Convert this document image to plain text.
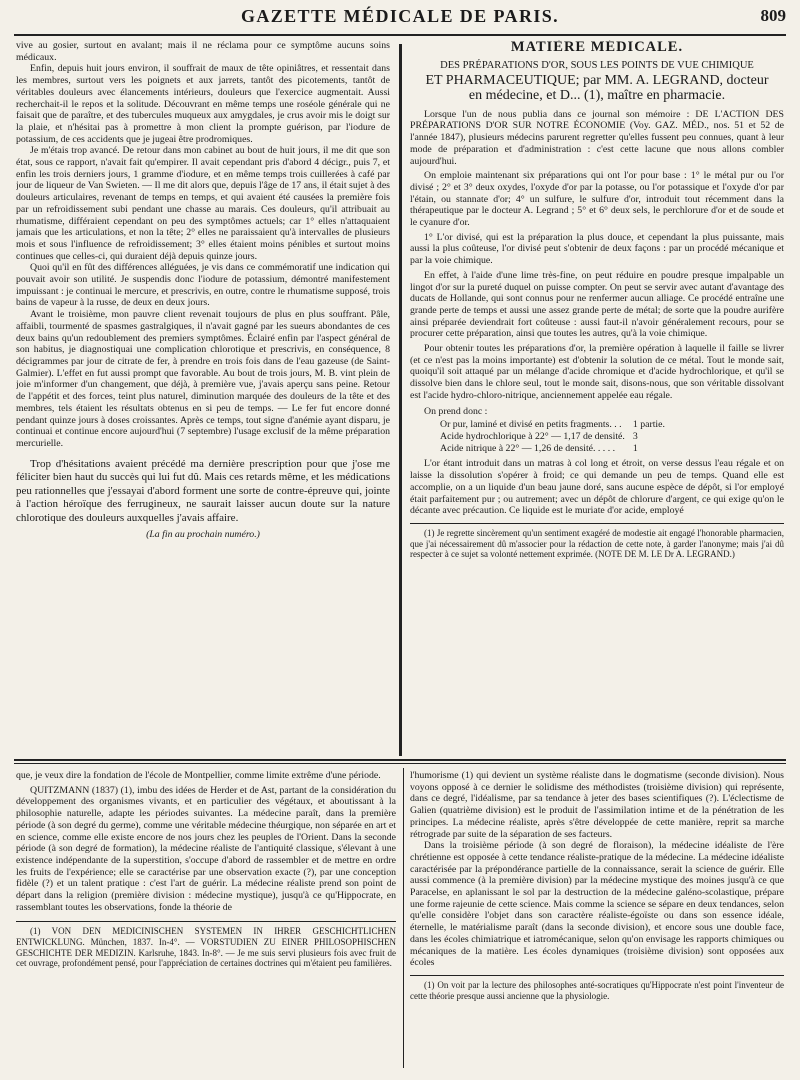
GAZETTE MÉDICALE DE PARIS.	809

vive au gosier, surtout en avalant; mais il ne réclama pour ce symptôme aucuns soins médicaux.

Enfin, depuis huit jours environ, il souffrait de maux de tête opiniâtres, et ressentait dans les membres, surtout vers les poignets et aux jarrets, tantôt des picotements, tantôt de véritables douleurs avec élancements intérieurs, douleurs que l'exercice augmentait. Aussi recherchait-il le repos et la solitude. Découvrant en même temps une roséole générale qui ne faisait que de paraître, et des tubercules muqueux aux amygdales, je crus avoir mis le doigt sur la plaie, et n'hésitai pas à promettre à mon client la prompte guérison, par l'iodure de potassium, de ces accidents que je jugeai être prodromiques.

Je m'étais trop avancé. De retour dans mon cabinet au bout de huit jours, il me dit que son état, sous ce rapport, n'avait fait qu'empirer. Il avait cependant pris d'abord 4 décigr., puis 7, et enfin les trois derniers jours, 1 gramme d'iodure, et en même temps trois cuillerées à café par jour de liqueur de Van Swieten. — Il me dit alors que, depuis l'âge de 17 ans, il était sujet à des douleurs articulaires, revenant de temps en temps, et qui avaient été causées la première fois par un refroidissement subi pendant une chasse au marais. Ces douleurs, qu'il attribuait au rhumatisme, différaient cependant on peu des symptômes actuels; car 1° elles n'attaquaient jamais que les articulations, et non la tête; 2° elles ne paraissaient qu'à intervalles de plusieurs mois et sous l'influence de refroidissement; 3° elles étaient moins pénibles et surtout moins continues que celles-ci, qui duraient déjà depuis quinze jours.

Quoi qu'il en fût des différences alléguées, je vis dans ce commémoratif une indication qui pouvait avoir son utilité. Je suspendis donc l'iodure de potassium, démontré manifestement impuissant : je continuai le mercure, et prescrivis, en outre, contre le rhumatisme supposé, trois bains de vapeur à la russe, de deux en deux jours.

Avant le troisième, mon pauvre client revenait toujours de plus en plus souffrant. Pâle, affaibli, tourmenté de spasmes gastralgiques, il n'avait gagné par les sueurs abondantes de ces deux bains qu'un redoublement des premiers symptômes. Éclairé enfin par l'aspect général de son habitus, je diagnostiquai une complication chlorotique et prescrivis, en conséquence, 8 décigrammes par jour de citrate de fer, à prendre en trois fois dans de l'eau gazeuse (de Saint-Galmier). L'effet en fut aussi prompt que favorable. Au bout de trois jours, M. B. vint plein de joie m'informer d'un changement, que déjà, à première vue, j'avais aperçu sans peine. Retour de l'appétit et des forces, teint plus naturel, diminution marquée des douleurs de la tête et des membres, tels étaient les résultats obtenus en si peu de temps. — Le fer fut encore donné pendant quinze jours à doses croissantes. Après ce temps, tout signe d'anémie ayant disparu, je continuai et continue encore aujourd'hui (7 septembre) l'usage exclusif de la même préparation mercurielle.

Trop d'hésitations avaient précédé ma dernière prescription pour que j'ose me féliciter bien haut du succès qui lui fut dû. Mais ces retards même, et les médications peu rationnelles que j'essayai d'abord forment une sorte de contre-épreuve qui, jointe à l'action héroïque des ferrugineux, ne saurait laisser aucun doute sur la nature chlorotique des douleurs auxquelles j'avais affaire.

(La fin au prochain numéro.)

MATIÈRE MÉDICALE.
DES PRÉPARATIONS D'OR, SOUS LES POINTS DE VUE CHIMIQUE
ET PHARMACEUTIQUE; par MM. A. LEGRAND, docteur
en médecine, et D... (1), maître en pharmacie.

Lorsque l'un de nous publia dans ce journal son mémoire : DE L'ACTION DES PRÉPARATIONS D'OR SUR NOTRE ÉCONOMIE (Voy. GAZ. MÉD., nos. 51 et 52 de l'année 1847), plusieurs médecins parurent regretter qu'elles fussent peu connues, quant à leur mode de préparation et d'administration : c'est cette lacune que nous allons combler aujourd'hui.

On emploie maintenant six préparations qui ont l'or pour base : 1° le métal pur ou l'or divisé ; 2° et 3° deux oxydes, l'oxyde d'or par la potasse, ou l'or potassique et l'oxyde d'or par l'étain, ou stannate d'or; 4° un sulfure, le sulfure d'or, introduit tout récemment dans la thérapeutique par le docteur A. Legrand ; 5° et 6° deux sels, le perchlorure d'or et de soude et le cyanure d'or.

1° L'or divisé, qui est la préparation la plus douce, et cependant la plus puissante, mais aussi la plus coûteuse, l'or divisé peut s'obtenir de deux façons : par un procédé mécanique et par la voie chimique.

En effet, à l'aide d'une lime très-fine, on peut réduire en poudre presque impalpable un lingot d'or sur la pureté duquel on puisse compter. On peut se servir avec autant d'avantage des ducats de Hollande, qui sont connus pour ne renfermer aucun alliage. Ce procédé entraîne une grande perte de temps et aussi une assez grande perte de métal; de sorte que la poudre aurifère ainsi préparée deviendrait fort coûteuse : aussi faut-il n'avoir généralement recours, pour se procurer cette préparation, ainsi que toutes les autres, qu'à la voie chimique.

Pour obtenir toutes les préparations d'or, la première opération à laquelle il faille se livrer (et ce n'est pas la moins importante) est d'obtenir la solution de ce métal. Tout le monde sait, quoiqu'il soit attaqué par un mélange d'acide chromique et d'acide hydrochlorique, et qu'il se dissolve bien dans le chlore seul, tout le monde sait, disons-nous, que son véritable dissolvant est l'acide hydro-chloro-nitrique, anciennement appelée eau régale.

On prend donc :

Or pur, laminé et divisé en petits fragments. . .	1 partie.
Acide hydrochlorique à 22° — 1,17 de densité.	3
Acide nitrique à 22° — 1,26 de densité. . . . .	1

L'or étant introduit dans un matras à col long et étroit, on verse dessus l'eau régale et on laisse la dissolution s'opérer à froid; ce qui demande un peu de temps. Quand elle est accomplie, on a un liquide d'un beau jaune doré, sans aucune espèce de dépôt, si l'or employé était parfaitement pur ; ou autrement; avec un dépôt de chlorure d'argent, ce qui exige qu'on le décante avec précaution. Ce liquide est le muriate d'or acide, employé

(1) Je regrette sincèrement qu'un sentiment exagéré de modestie ait engagé l'honorable pharmacien, que j'ai nécessairement dû m'associer pour la rédaction de cette note, à garder l'anonyme; mais j'ai dû respecter à ce sujet sa volonté nettement exprimée. (NOTE DE M. LE Dr A. LEGRAND.)

que, je veux dire la fondation de l'école de Montpellier, comme limite extrême d'une période.

QUITZMANN (1837) (1), imbu des idées de Herder et de Ast, partant de la considération du développement des organismes vivants, et en particulier des végétaux, et aboutissant à la philosophie naturelle, adapte les périodes suivantes. La médecine paraît, dans la première période (à son degré du germe), comme une véritable médecine théurgique, non séparée en art et en science, comme elle existe encore de nos jours chez les peuples de l'Orient. Dans la seconde période (à son degré de formation), la médecine réaliste de l'antiquité classique, s'élevant à une existence indépendante de la superstition, s'occupe d'abord de rassembler et de mettre en ordre les fruits de l'expérience; elle se caractérise par une observation exacte (?), par une conception fidèle (?) et un talent pratique : c'est l'art de guérir. La médecine réaliste prend son point de départ dans la religion (première division : médecine mystique), jusqu'à ce qu'Hippocrate, en rassemblant toutes les observations, fonde la théorie de

(1) VON DEN MEDICINISCHEN SYSTEMEN IN IHRER GESCHICHTLICHEN ENTWICKLUNG. München, 1837. In-4°. — VORSTUDIEN ZU EINER PHILOSOPHISCHEN GESCHICHTE DER MEDIZIN. Karlsruhe, 1843. In-8°. — Je me suis servi plusieurs fois avec fruit de cet ouvrage, profondément pensé, pour l'appréciation de certaines doctrines qui m'étaient peu familières.

l'humorisme (1) qui devient un système réaliste dans le dogmatisme (seconde division). Nous voyons opposé à ce dernier le solidisme des méthodistes (troisième division) qui représente, dans ce degré, l'idéalisme, par sa tendance à jeter des bases scientifiques (?). L'éclectisme de Galien (quatrième division) est le produit de l'assimilation intime et de la pénétration de les principes. La médecine réaliste, après s'être développée de cette manière, reprit sa marche rétrograde par suite de la séparation de ses facteurs.

Dans la troisième période (à son degré de floraison), la médecine idéaliste de l'ère chrétienne est opposée à cette tendance réaliste-pratique de la médecine. La médecine idéaliste caractérisée par la prépondérance partielle de la connaissance, serait la science de guérir. Elle aussi commence (à la première division) par la médecine mystique des moines jusqu'à ce que Paracelse, en aplanissant le sol par la destruction de la médecine galéno-scolastique, prépare une forme rajeunie de cette science. Mais comme la science se sépare en deux tendances, selon qu'elle considère l'objet dans son caractère réaliste-égoïste ou dans son essence idéale, éternelle, le matérialisme paraît (dans la seconde division), et encore sous une double face, dans les écoles chimiatrique et iatromécanique, selon qu'on envisage les rapports chimiques ou mécaniques de la matière. Les écoles dynamiques (troisième division) sont opposées aux écoles

(1) On voit par la lecture des philosophes anté-socratiques qu'Hippocrate n'est point l'inventeur de cette théorie presque aussi ancienne que la physiologie.
